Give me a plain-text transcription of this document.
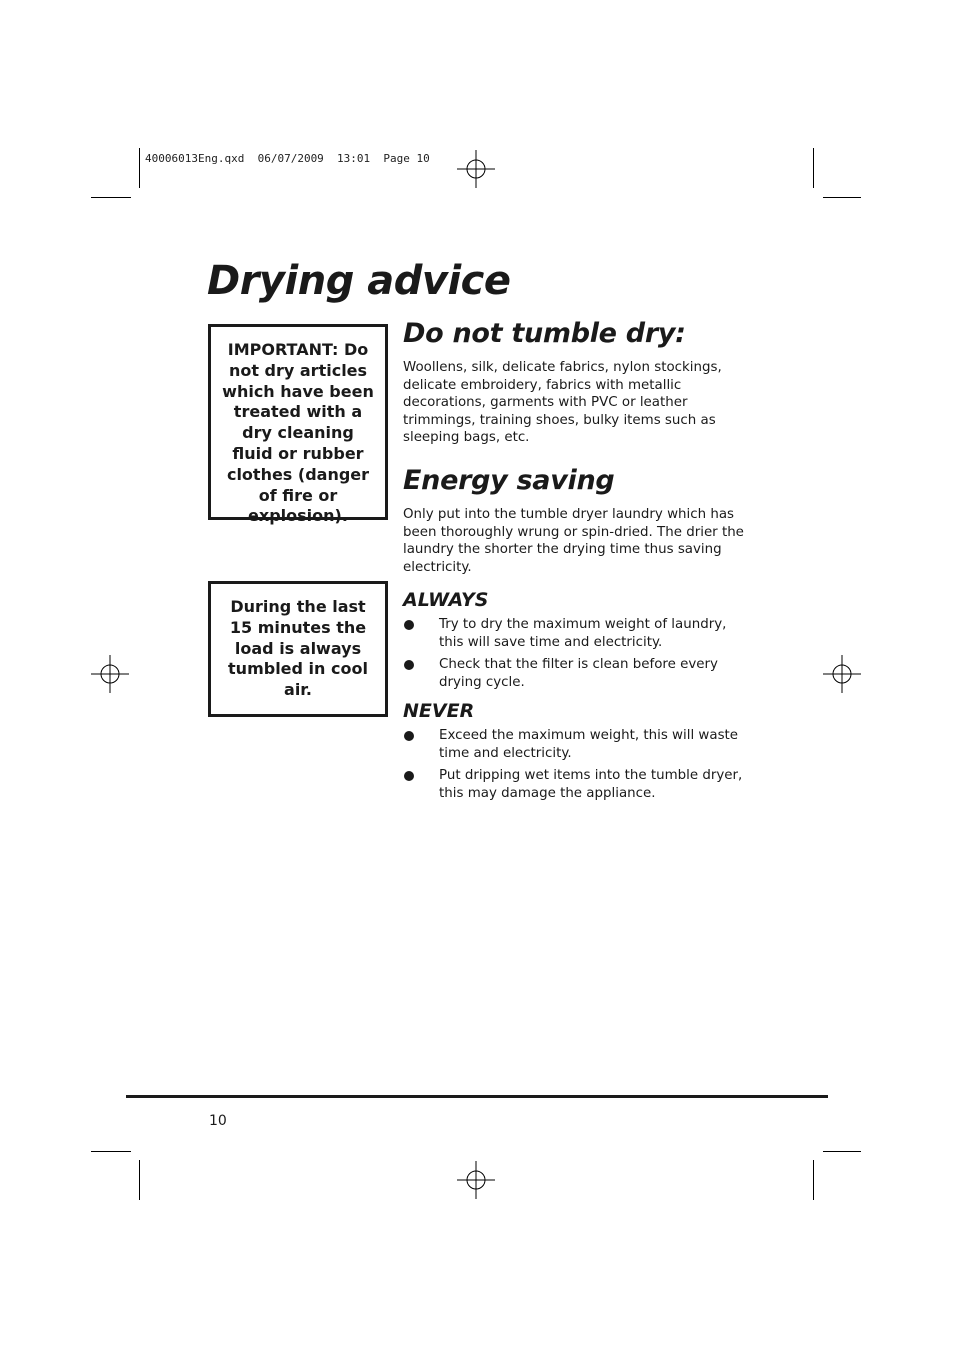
40006013Eng.qxd  06/07/2009  13:01  Page 10
Drying advice
IMPORTANT: Do not dry articles which have been treated with a dry cleaning fluid or rubber clothes (danger of fire or explosion).
During the last 15 minutes the load is always tumbled in cool air.
Do not tumble dry:

Woollens, silk, delicate fabrics, nylon stockings, delicate embroidery, fabrics with metallic decorations, garments with PVC or leather trimmings, training shoes, bulky items such as sleeping bags, etc.

Energy saving

Only put into the tumble dryer laundry which has been thoroughly wrung or spin-dried. The drier the laundry the shorter the drying time thus saving electricity.

ALWAYS
Try to dry the maximum weight of laundry, this will save time and electricity.
Check that the filter is clean before every drying cycle.
NEVER
Exceed the maximum weight, this will waste time and electricity.
Put dripping wet items into the tumble dryer, this may damage the appliance.
10
